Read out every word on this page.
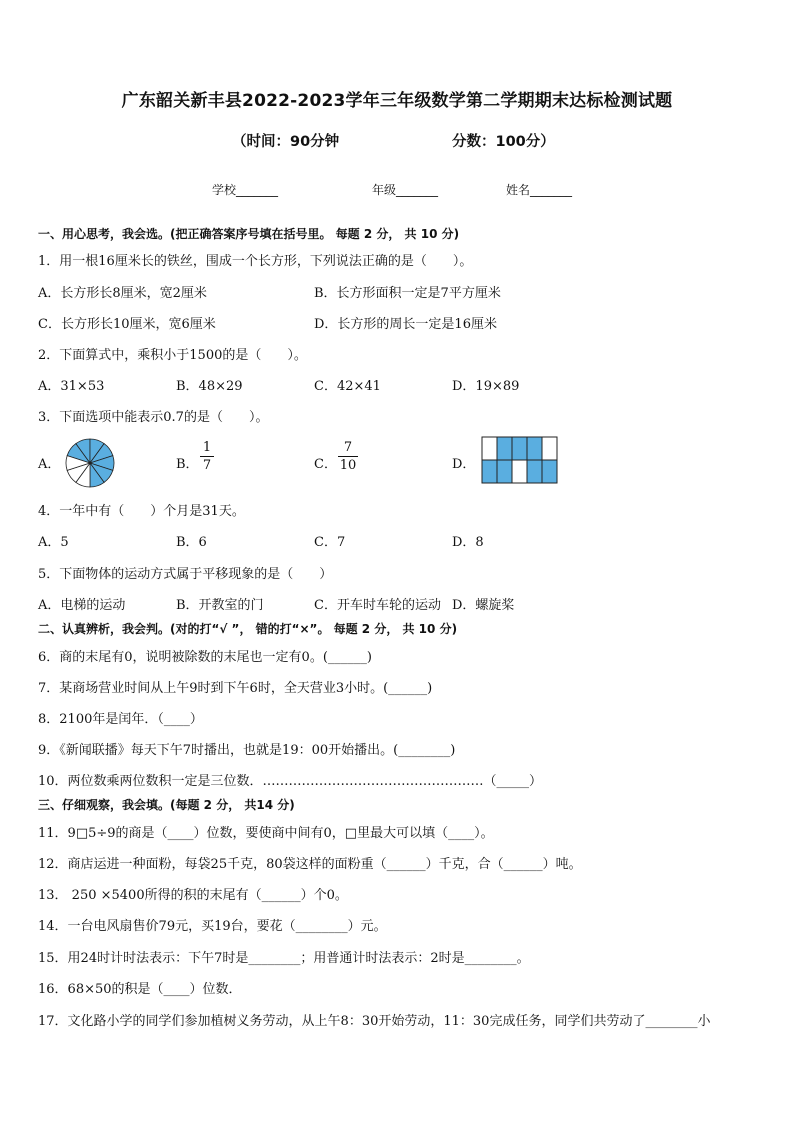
广东韶关新丰县2022-2023学年三年级数学第二学期期末达标检测试题
（时间：90分钟	分数：100分）
学校_______	年级_______	姓名_______
一、用心思考，我会选。(把正确答案序号填在括号里。 每题 2 分， 共 10 分)
1．用一根16厘米长的铁丝，围成一个长方形，下列说法正确的是（　　）。
A．长方形长8厘米，宽2厘米	B．长方形面积一定是7平方厘米
C．长方形长10厘米，宽6厘米	D．长方形的周长一定是16厘米
2．下面算式中，乘积小于1500的是（　　）。
A．31×53	B．48×29	C．42×41	D．19×89
3．下面选项中能表示0.7的是（　　）。
A．	B．
1
7	C．
7
10	D．
4．一年中有（　　）个月是31天。
A．5	B．6	C．7	D．8
5．下面物体的运动方式属于平移现象的是（　　）
A．电梯的运动	B．开教室的门	C．开车时车轮的运动 D．螺旋桨
二、认真辨析，我会判。(对的打“√ ”， 错的打“×”。 每题 2 分， 共 10 分)
6．商的末尾有0，说明被除数的末尾也一定有0。(______)
7．某商场营业时间从上午9时到下午6时，全天营业3小时。(______)
8．2100年是闰年．（____）
9．《新闻联播》每天下午7时播出，也就是19：00开始播出。(________)
10．两位数乘两位数积一定是三位数．……………………………………………（_____）
三、仔细观察，我会填。(每题 2 分， 共14 分)
11．9□5÷9的商是（____）位数，要使商中间有0，□里最大可以填（____）。
12．商店运进一种面粉，每袋25千克，80袋这样的面粉重（______）千克，合（______）吨。
13． 250 ×5400所得的积的末尾有（______）个0。
14．一台电风扇售价79元，买19台，要花（________）元。
15．用24时计时法表示：下午7时是________；用普通计时法表示：2时是________。
16．68×50的积是（____）位数．
17．文化路小学的同学们参加植树义务劳动，从上午8：30开始劳动，11：30完成任务，同学们共劳动了________小
